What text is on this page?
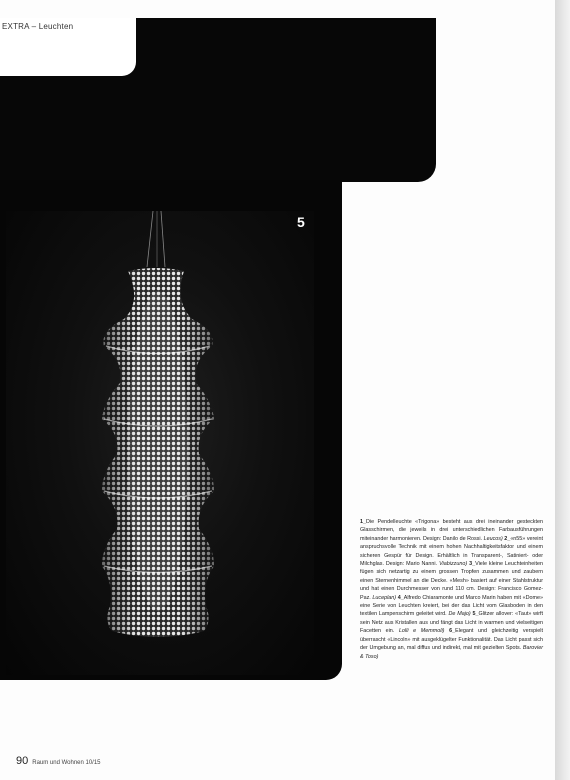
EXTRA – Leuchten
5
1_Die Pendelleuchte «Trigona» besteht aus drei ineinander gesteckten Glasschirmen, die jeweils in drei unterschiedlichen Farbausführungen miteinander harmonieren. Design: Danilo de Rossi. Leucos) 2_«n55» vereint anspruchsvolle Technik mit einem hohen Nachhaltigkeitsfaktor und einem sicheren Gespür für Design. Erhältlich in Transparent-, Satiniert- oder Milchglas. Design: Mario Nanni. Viabizzuno) 3_Viele kleine Leuchteinheiten fügen sich netzartig zu einem grossen Tropfen zusammen und zaubern einen Sternenhimmel an die Decke. «Mesh» basiert auf einer Stahlstruktur und hat einen Durchmesser von rund 110 cm. Design: Francisco Gomez-Paz. Luceplan) 4_Alfredo Chiaramonte und Marco Marin haben mit «Dome» eine Serie von Leuchten kreiert, bei der das Licht vom Glasboden in den textilen Lampenschirm geleitet wird. De Majo) 5_Glitzer allover: «Taut» wirft sein Netz aus Kristallen aus und fängt das Licht in warmen und vielseitigen Facetten ein. Lolli e Memmoli) 6_Elegant und gleichzeitig verspielt überrascht «Lincoln» mit ausgeklügelter Funktionalität. Das Licht passt sich der Umgebung an, mal diffus und indirekt, mal mit gezielten Spots. Barovier & Toso)
90 Raum und Wohnen 10/15
